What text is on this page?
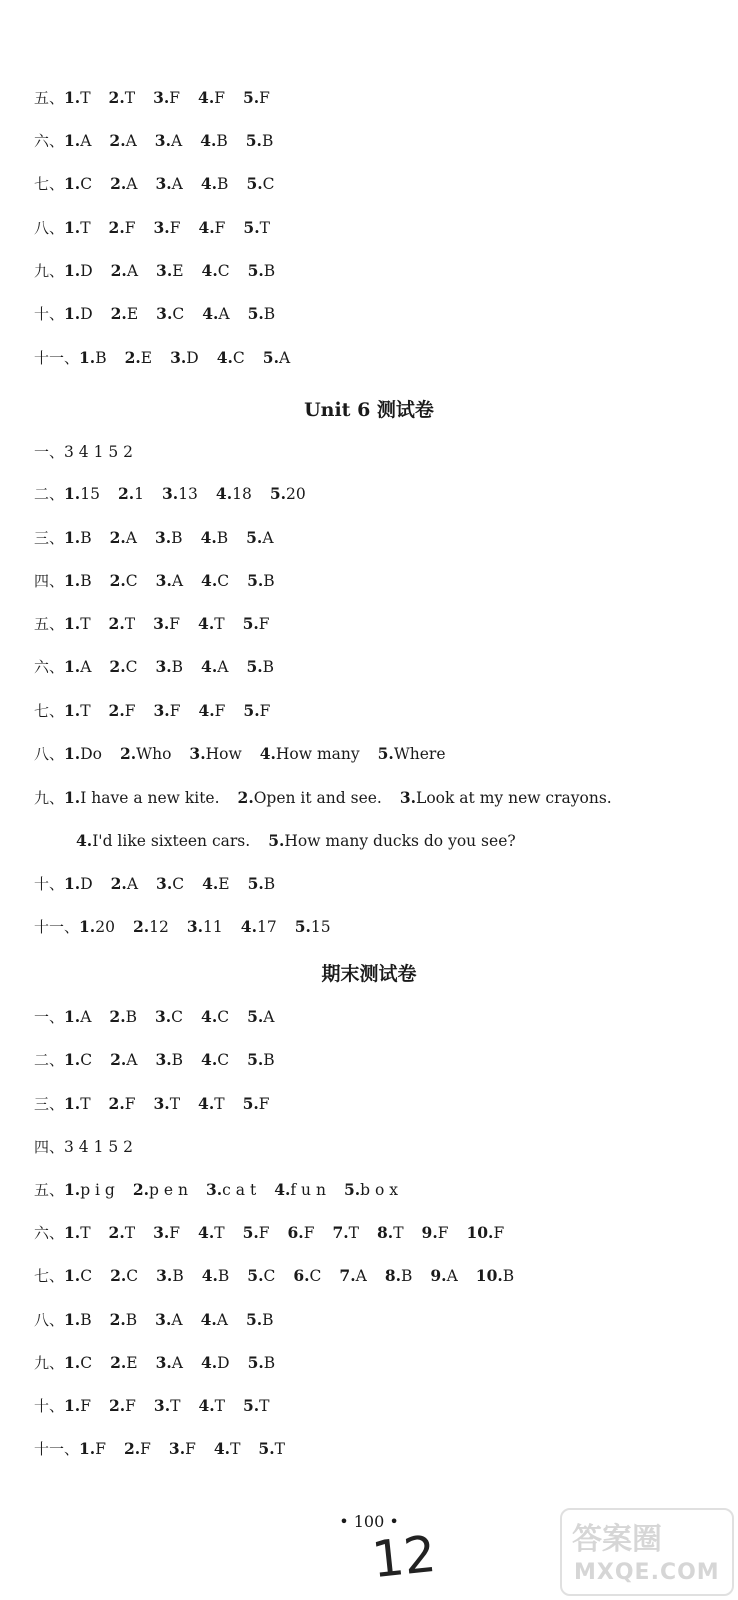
五、1.T 2.T 3.F 4.F 5.F
六、1.A 2.A 3.A 4.B 5.B
七、1.C 2.A 3.A 4.B 5.C
八、1.T 2.F 3.F 4.F 5.T
九、1.D 2.A 3.E 4.C 5.B
十、1.D 2.E 3.C 4.A 5.B
十一、1.B 2.E 3.D 4.C 5.A
Unit 6 测试卷
一、3 4 1 5 2
二、1.15 2.1 3.13 4.18 5.20
三、1.B 2.A 3.B 4.B 5.A
四、1.B 2.C 3.A 4.C 5.B
五、1.T 2.T 3.F 4.T 5.F
六、1.A 2.C 3.B 4.A 5.B
七、1.T 2.F 3.F 4.F 5.F
八、1.Do 2.Who 3.How 4.How many 5.Where
九、1.I have a new kite. 2.Open it and see. 3.Look at my new crayons.
4.I'd like sixteen cars. 5.How many ducks do you see?
十、1.D 2.A 3.C 4.E 5.B
十一、1.20 2.12 3.11 4.17 5.15
期末测试卷
一、1.A 2.B 3.C 4.C 5.A
二、1.C 2.A 3.B 4.C 5.B
三、1.T 2.F 3.T 4.T 5.F
四、3 4 1 5 2
五、1.p i g 2.p e n 3.c a t 4.f u n 5.b o x
六、1.T 2.T 3.F 4.T 5.F 6.F 7.T 8.T 9.F 10.F
七、1.C 2.C 3.B 4.B 5.C 6.C 7.A 8.B 9.A 10.B
八、1.B 2.B 3.A 4.A 5.B
九、1.C 2.E 3.A 4.D 5.B
十、1.F 2.F 3.T 4.T 5.T
十一、1.F 2.F 3.F 4.T 5.T
• 100 •
12	答案圈
MXQE.COM
